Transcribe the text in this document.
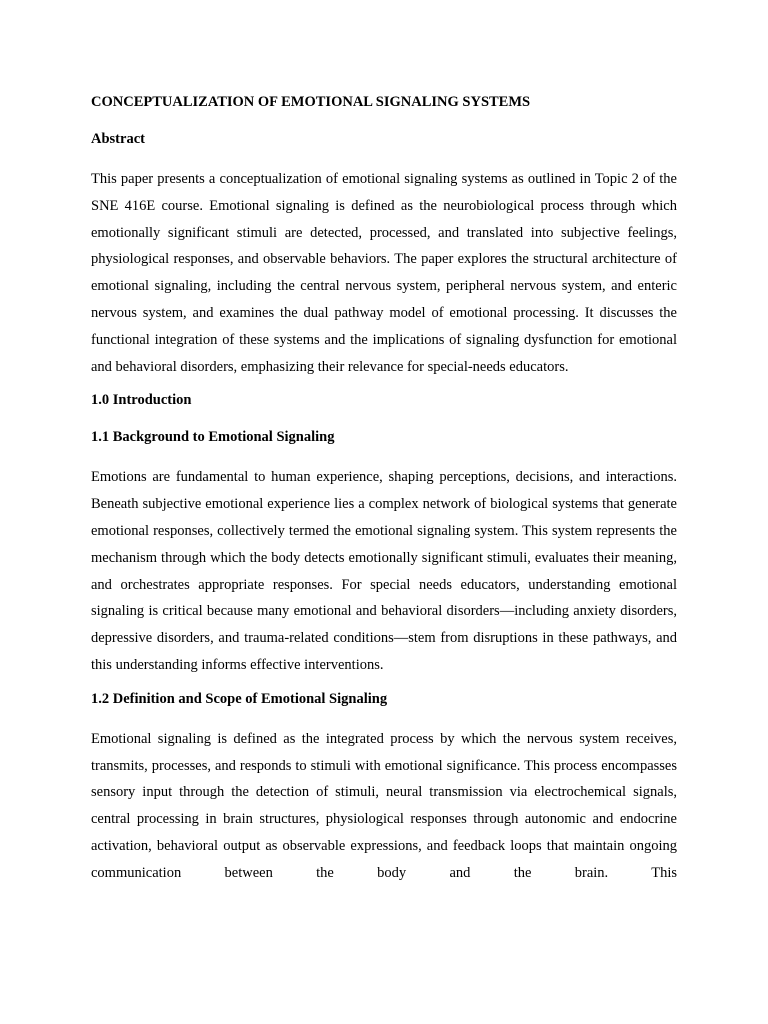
CONCEPTUALIZATION OF EMOTIONAL SIGNALING SYSTEMS
Abstract

This paper presents a conceptualization of emotional signaling systems as outlined in Topic 2 of the SNE 416E course. Emotional signaling is defined as the neurobiological process through which emotionally significant stimuli are detected, processed, and translated into subjective feelings, physiological responses, and observable behaviors. The paper explores the structural architecture of emotional signaling, including the central nervous system, peripheral nervous system, and enteric nervous system, and examines the dual pathway model of emotional processing. It discusses the functional integration of these systems and the implications of signaling dysfunction for emotional and behavioral disorders, emphasizing their relevance for special-needs educators.

1.0 Introduction
1.1 Background to Emotional Signaling

Emotions are fundamental to human experience, shaping perceptions, decisions, and interactions. Beneath subjective emotional experience lies a complex network of biological systems that generate emotional responses, collectively termed the emotional signaling system. This system represents the mechanism through which the body detects emotionally significant stimuli, evaluates their meaning, and orchestrates appropriate responses. For special needs educators, understanding emotional signaling is critical because many emotional and behavioral disorders—including anxiety disorders, depressive disorders, and trauma-related conditions—stem from disruptions in these pathways, and this understanding informs effective interventions.

1.2 Definition and Scope of Emotional Signaling

Emotional signaling is defined as the integrated process by which the nervous system receives, transmits, processes, and responds to stimuli with emotional significance. This process encompasses sensory input through the detection of stimuli, neural transmission via electrochemical signals, central processing in brain structures, physiological responses through autonomic and endocrine activation, behavioral output as observable expressions, and feedback loops that maintain ongoing communication between the body and the brain. This
